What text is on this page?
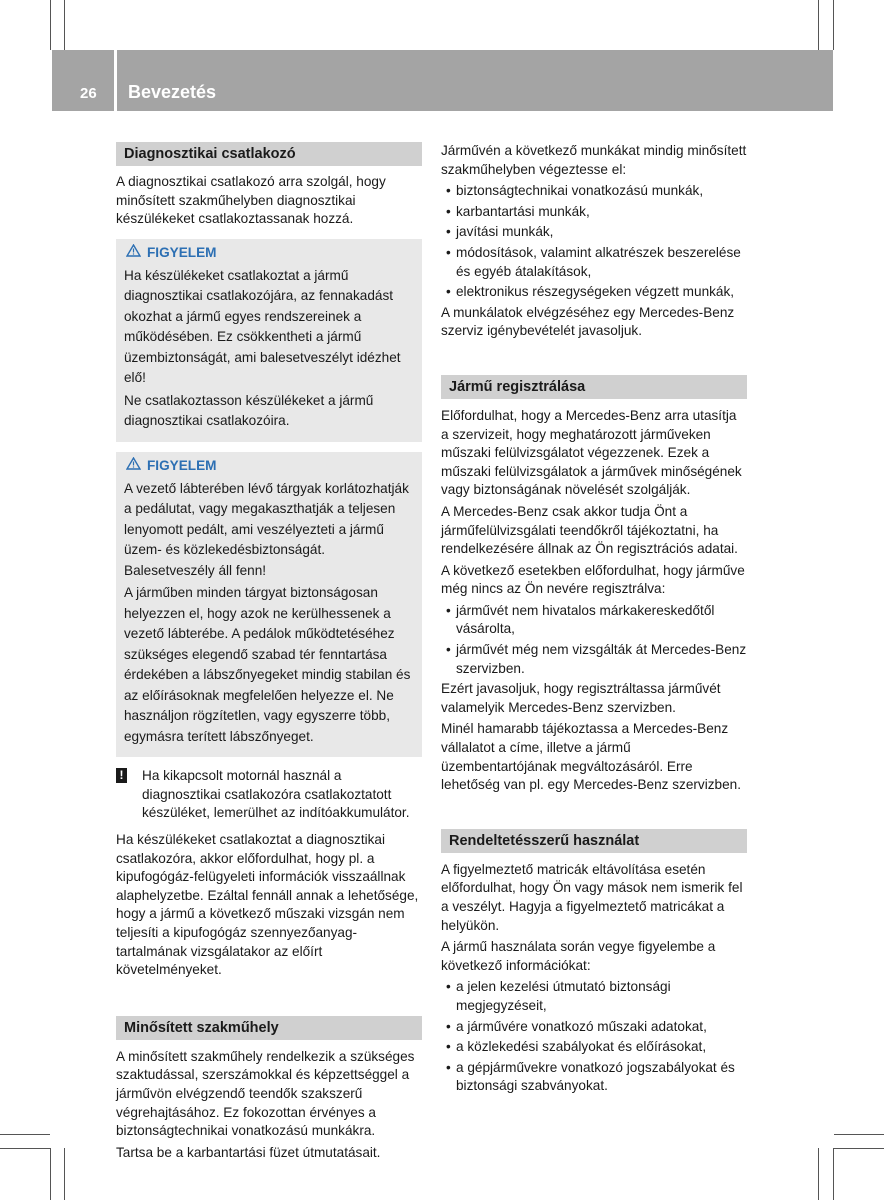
26 Bevezetés
Diagnosztikai csatlakozó

A diagnosztikai csatlakozó arra szolgál, hogy minősített szakműhelyben diagnosztikai készülékeket csatlakoztassanak hozzá.

FIGYELEM

Ha készülékeket csatlakoztat a jármű diagnosztikai csatlakozójára, az fennakadást okozhat a jármű egyes rendszereinek a működésében. Ez csökkentheti a jármű üzembiztonságát, ami balesetveszélyt idézhet elő!

Ne csatlakoztasson készülékeket a jármű diagnosztikai csatlakozóira.

FIGYELEM

A vezető lábterében lévő tárgyak korlátozhatják a pedálutat, vagy megakaszthatják a teljesen lenyomott pedált, ami veszélyezteti a jármű üzem- és közlekedésbiztonságát. Balesetveszély áll fenn!

A járműben minden tárgyat biztonságosan helyezzen el, hogy azok ne kerülhessenek a vezető lábterébe. A pedálok működtetéséhez szükséges elegendő szabad tér fenntartása érdekében a lábszőnyegeket mindig stabilan és az előírásoknak megfelelően helyezze el. Ne használjon rögzítetlen, vagy egyszerre több, egymásra terített lábszőnyeget.

! Ha kikapcsolt motornál használ a diagnosztikai csatlakozóra csatlakoztatott készüléket, lemerülhet az indítóakkumulátor.

Ha készülékeket csatlakoztat a diagnosztikai csatlakozóra, akkor előfordulhat, hogy pl. a kipufogógáz-felügyeleti információk visszaállnak alaphelyzetbe. Ezáltal fennáll annak a lehetősége, hogy a jármű a következő műszaki vizsgán nem teljesíti a kipufogógáz szennyezőanyag-tartalmának vizsgálatakor az előírt követelményeket.

Minősített szakműhely

A minősített szakműhely rendelkezik a szükséges szaktudással, szerszámokkal és képzettséggel a járművön elvégzendő teendők szakszerű végrehajtásához. Ez fokozottan érvényes a biztonságtechnikai vonatkozású munkákra.

Tartsa be a karbantartási füzet útmutatásait.

Járművén a következő munkákat mindig minősített szakműhelyben végeztesse el:

• biztonságtechnikai vonatkozású munkák,
• karbantartási munkák,
• javítási munkák,
• módosítások, valamint alkatrészek beszerelése és egyéb átalakítások,
• elektronikus részegységeken végzett munkák,

A munkálatok elvégzéséhez egy Mercedes-Benz szerviz igénybevételét javasoljuk.

Jármű regisztrálása

Előfordulhat, hogy a Mercedes-Benz arra utasítja a szervizeit, hogy meghatározott járműveken műszaki felülvizsgálatot végezzenek. Ezek a műszaki felülvizsgálatok a járművek minőségének vagy biztonságának növelését szolgálják.

A Mercedes-Benz csak akkor tudja Önt a járműfelülvizsgálati teendőkről tájékoztatni, ha rendelkezésére állnak az Ön regisztrációs adatai.

A következő esetekben előfordulhat, hogy járműve még nincs az Ön nevére regisztrálva:

• járművét nem hivatalos márkakereskedőtől vásárolta,
• járművét még nem vizsgálták át Mercedes-Benz szervizben.

Ezért javasoljuk, hogy regisztráltassa járművét valamelyik Mercedes-Benz szervizben.

Minél hamarabb tájékoztassa a Mercedes-Benz vállalatot a címe, illetve a jármű üzembentartójának megváltozásáról. Erre lehetőség van pl. egy Mercedes-Benz szervizben.

Rendeltetésszerű használat

A figyelmeztető matricák eltávolítása esetén előfordulhat, hogy Ön vagy mások nem ismerik fel a veszélyt. Hagyja a figyelmeztető matricákat a helyükön.

A jármű használata során vegye figyelembe a következő információkat:

• a jelen kezelési útmutató biztonsági megjegyzéseit,
• a járművére vonatkozó műszaki adatokat,
• a közlekedési szabályokat és előírásokat,
• a gépjárművekre vonatkozó jogszabályokat és biztonsági szabványokat.
